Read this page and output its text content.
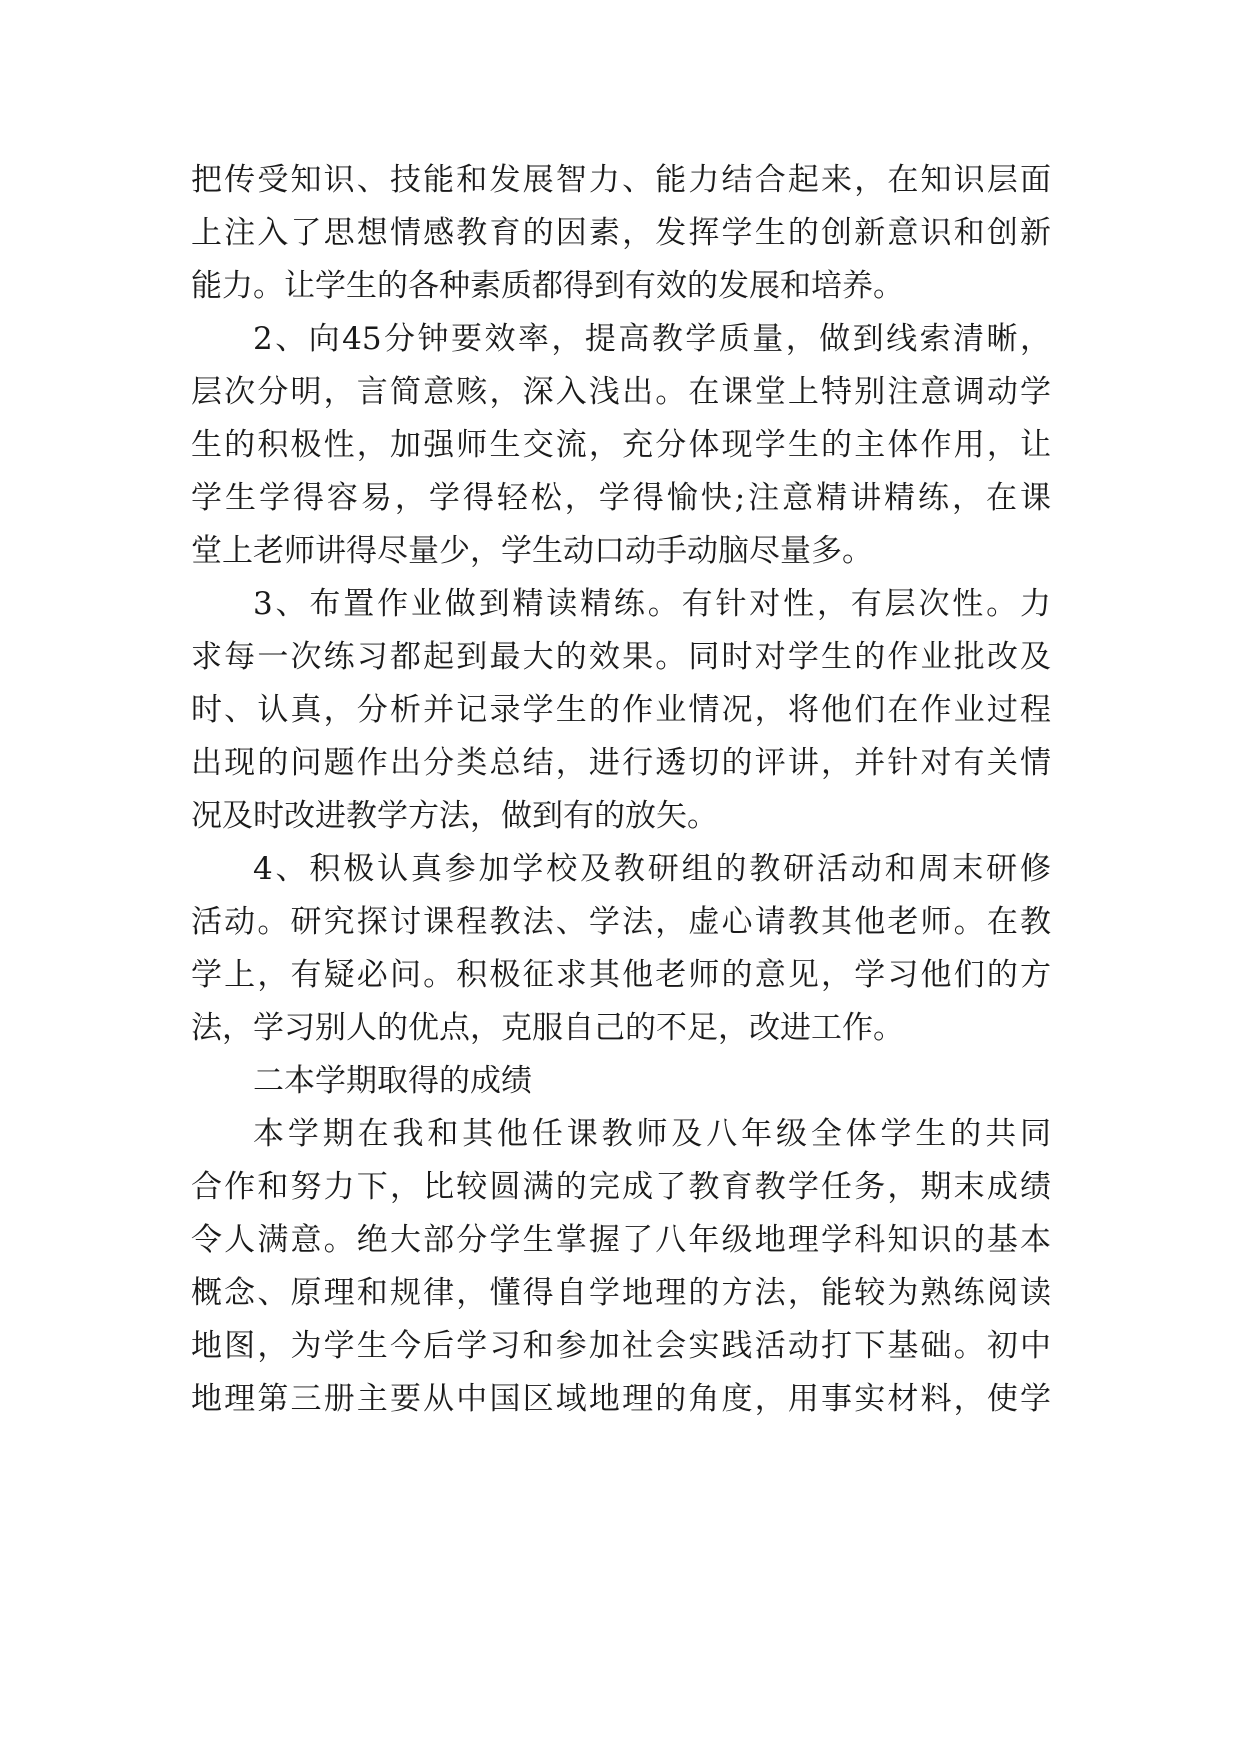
把传受知识、技能和发展智力、能力结合起来，在知识层面
上注入了思想情感教育的因素，发挥学生的创新意识和创新
能力。让学生的各种素质都得到有效的发展和培养。
2、向45分钟要效率，提高教学质量，做到线索清晰，
层次分明，言简意赅，深入浅出。在课堂上特别注意调动学
生的积极性，加强师生交流，充分体现学生的主体作用，让
学生学得容易，学得轻松，学得愉快;注意精讲精练，在课
堂上老师讲得尽量少，学生动口动手动脑尽量多。
3、布置作业做到精读精练。有针对性，有层次性。力
求每一次练习都起到最大的效果。同时对学生的作业批改及
时、认真，分析并记录学生的作业情况，将他们在作业过程
出现的问题作出分类总结，进行透切的评讲，并针对有关情
况及时改进教学方法，做到有的放矢。
4、积极认真参加学校及教研组的教研活动和周末研修
活动。研究探讨课程教法、学法，虚心请教其他老师。在教
学上，有疑必问。积极征求其他老师的意见，学习他们的方
法，学习别人的优点，克服自己的不足，改进工作。
二本学期取得的成绩
本学期在我和其他任课教师及八年级全体学生的共同
合作和努力下，比较圆满的完成了教育教学任务，期末成绩
令人满意。绝大部分学生掌握了八年级地理学科知识的基本
概念、原理和规律，懂得自学地理的方法，能较为熟练阅读
地图，为学生今后学习和参加社会实践活动打下基础。初中
地理第三册主要从中国区域地理的角度，用事实材料，使学
